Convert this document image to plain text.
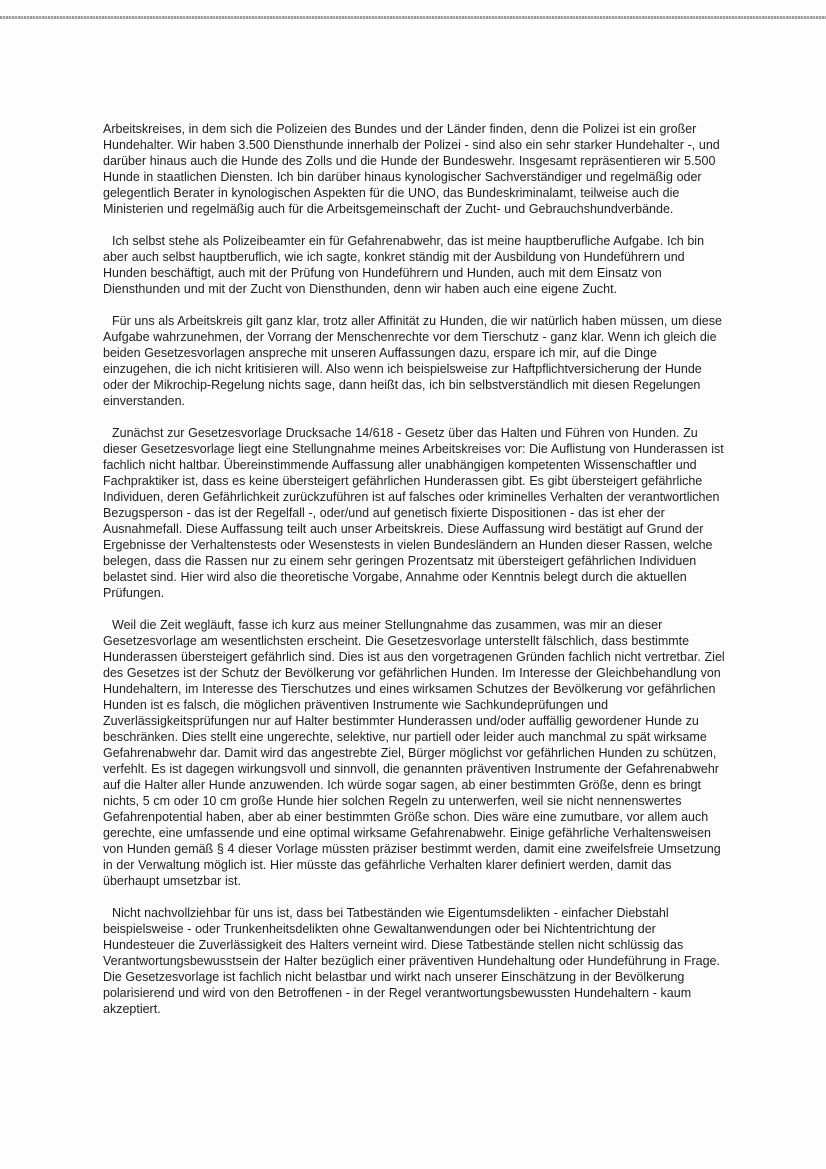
Arbeitskreises, in dem sich die Polizeien des Bundes und der Länder finden, denn die Polizei ist ein großer Hundehalter. Wir haben 3.500 Diensthunde innerhalb der Polizei - sind also ein sehr starker Hundehalter -, und darüber hinaus auch die Hunde des Zolls und die Hunde der Bundeswehr. Insgesamt repräsentieren wir 5.500 Hunde in staatlichen Diensten. Ich bin darüber hinaus kynologischer Sachverständiger und regelmäßig oder gelegentlich Berater in kynologischen Aspekten für die UNO, das Bundeskriminalamt, teilweise auch die Ministerien und regelmäßig auch für die Arbeitsgemeinschaft der Zucht- und Gebrauchshundverbände.

Ich selbst stehe als Polizeibeamter ein für Gefahrenabwehr, das ist meine hauptberufliche Aufgabe. Ich bin aber auch selbst hauptberuflich, wie ich sagte, konkret ständig mit der Ausbildung von Hundeführern und Hunden beschäftigt, auch mit der Prüfung von Hundeführern und Hunden, auch mit dem Einsatz von Diensthunden und mit der Zucht von Diensthunden, denn wir haben auch eine eigene Zucht.

Für uns als Arbeitskreis gilt ganz klar, trotz aller Affinität zu Hunden, die wir natürlich haben müssen, um diese Aufgabe wahrzunehmen, der Vorrang der Menschenrechte vor dem Tierschutz - ganz klar. Wenn ich gleich die beiden Gesetzesvorlagen anspreche mit unseren Auffassungen dazu, erspare ich mir, auf die Dinge einzugehen, die ich nicht kritisieren will. Also wenn ich beispielsweise zur Haftpflichtversicherung der Hunde oder der Mikrochip-Regelung nichts sage, dann heißt das, ich bin selbstverständlich mit diesen Regelungen einverstanden.

Zunächst zur Gesetzesvorlage Drucksache 14/618 - Gesetz über das Halten und Führen von Hunden. Zu dieser Gesetzesvorlage liegt eine Stellungnahme meines Arbeitskreises vor: Die Auflistung von Hunderassen ist fachlich nicht haltbar. Übereinstimmende Auffassung aller unabhängigen kompetenten Wissenschaftler und Fachpraktiker ist, dass es keine übersteigert gefährlichen Hunderassen gibt. Es gibt übersteigert gefährliche Individuen, deren Gefährlichkeit zurückzuführen ist auf falsches oder kriminelles Verhalten der verantwortlichen Bezugsperson - das ist der Regelfall -, oder/und auf genetisch fixierte Dispositionen - das ist eher der Ausnahmefall. Diese Auffassung teilt auch unser Arbeitskreis. Diese Auffassung wird bestätigt auf Grund der Ergebnisse der Verhaltenstests oder Wesenstests in vielen Bundesländern an Hunden dieser Rassen, welche belegen, dass die Rassen nur zu einem sehr geringen Prozentsatz mit übersteigert gefährlichen Individuen belastet sind. Hier wird also die theoretische Vorgabe, Annahme oder Kenntnis belegt durch die aktuellen Prüfungen.

Weil die Zeit wegläuft, fasse ich kurz aus meiner Stellungnahme das zusammen, was mir an dieser Gesetzesvorlage am wesentlichsten erscheint. Die Gesetzesvorlage unterstellt fälschlich, dass bestimmte Hunderassen übersteigert gefährlich sind. Dies ist aus den vorgetragenen Gründen fachlich nicht vertretbar. Ziel des Gesetzes ist der Schutz der Bevölkerung vor gefährlichen Hunden. Im Interesse der Gleichbehandlung von Hundehaltern, im Interesse des Tierschutzes und eines wirksamen Schutzes der Bevölkerung vor gefährlichen Hunden ist es falsch, die möglichen präventiven Instrumente wie Sachkundeprüfungen und Zuverlässigkeitsprüfungen nur auf Halter bestimmter Hunderassen und/oder auffällig gewordener Hunde zu beschränken. Dies stellt eine ungerechte, selektive, nur partiell oder leider auch manchmal zu spät wirksame Gefahrenabwehr dar. Damit wird das angestrebte Ziel, Bürger möglichst vor gefährlichen Hunden zu schützen, verfehlt. Es ist dagegen wirkungsvoll und sinnvoll, die genannten präventiven Instrumente der Gefahrenabwehr auf die Halter aller Hunde anzuwenden. Ich würde sogar sagen, ab einer bestimmten Größe, denn es bringt nichts, 5 cm oder 10 cm große Hunde hier solchen Regeln zu unterwerfen, weil sie nicht nennenswertes Gefahrenpotential haben, aber ab einer bestimmten Größe schon. Dies wäre eine zumutbare, vor allem auch gerechte, eine umfassende und eine optimal wirksame Gefahrenabwehr. Einige gefährliche Verhaltensweisen von Hunden gemäß § 4 dieser Vorlage müssten präziser bestimmt werden, damit eine zweifelsfreie Umsetzung in der Verwaltung möglich ist. Hier müsste das gefährliche Verhalten klarer definiert werden, damit das überhaupt umsetzbar ist.

Nicht nachvollziehbar für uns ist, dass bei Tatbeständen wie Eigentumsdelikten - einfacher Diebstahl beispielsweise - oder Trunkenheitsdelikten ohne Gewaltanwendungen oder bei Nichtentrichtung der Hundesteuer die Zuverlässigkeit des Halters verneint wird. Diese Tatbestände stellen nicht schlüssig das Verantwortungsbewusstsein der Halter bezüglich einer präventiven Hundehaltung oder Hundeführung in Frage. Die Gesetzesvorlage ist fachlich nicht belastbar und wirkt nach unserer Einschätzung in der Bevölkerung polarisierend und wird von den Betroffenen - in der Regel verantwortungsbewussten Hundehaltern - kaum akzeptiert.
